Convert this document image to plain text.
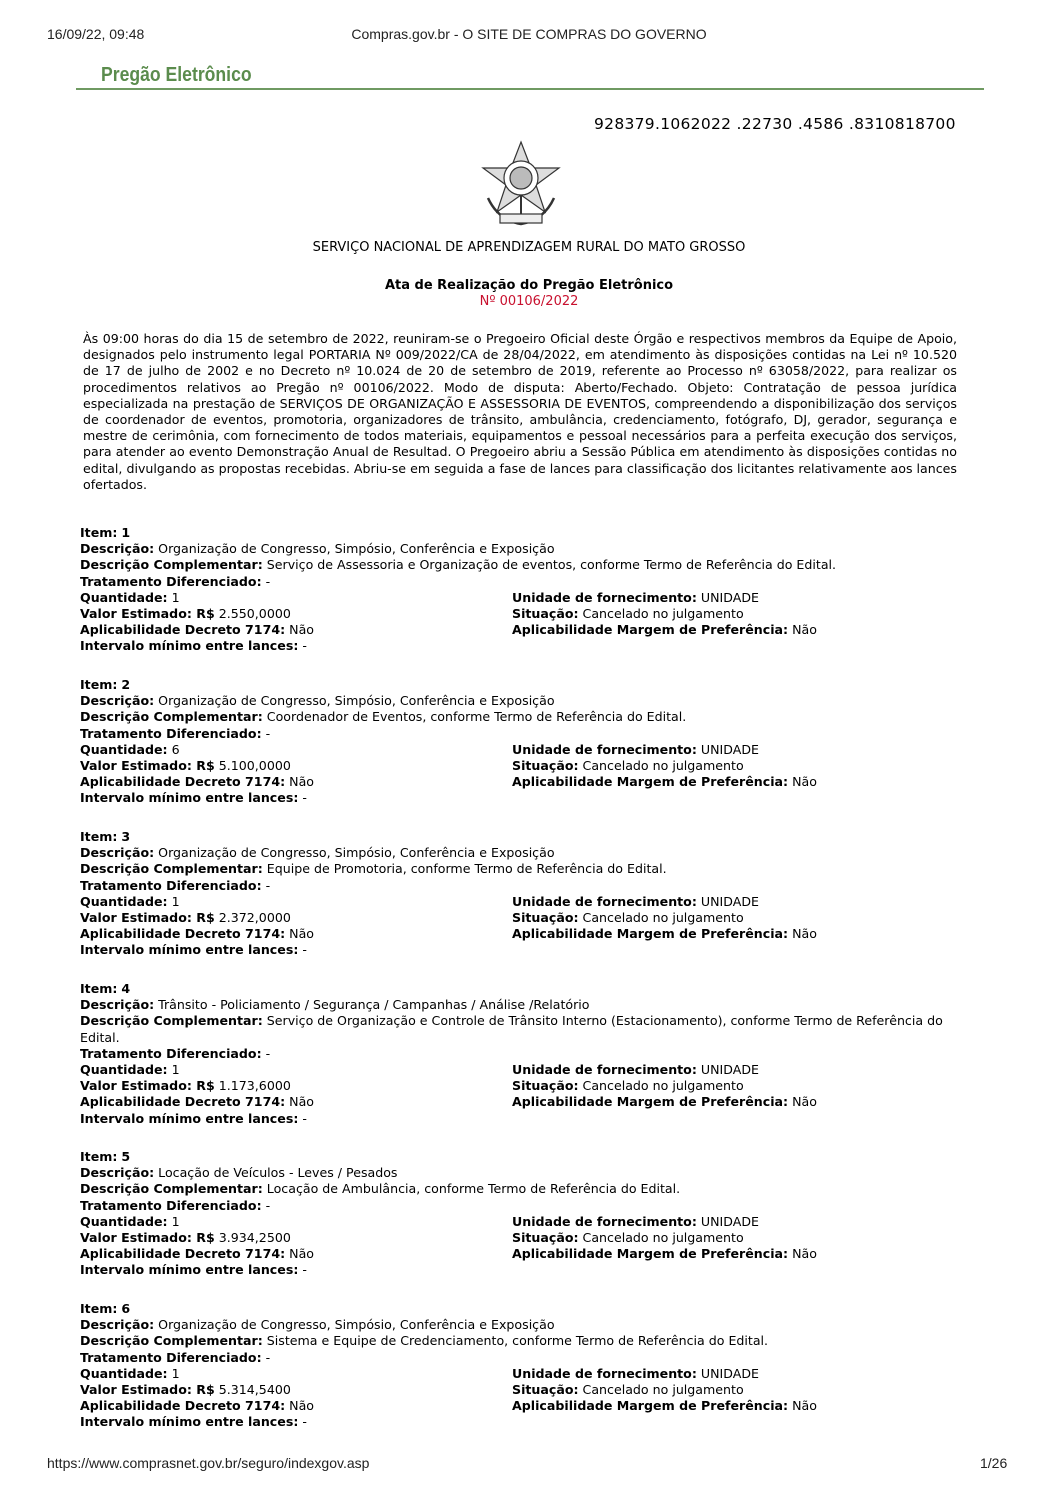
16/09/22, 09:48	Compras.gov.br - O SITE DE COMPRAS DO GOVERNO
Pregão Eletrônico
928379.1062022 .22730 .4586 .8310818700
SERVIÇO NACIONAL DE APRENDIZAGEM RURAL DO MATO GROSSO
Ata de Realização do Pregão Eletrônico
Nº 00106/2022
Às 09:00 horas do dia 15 de setembro de 2022, reuniram-se o Pregoeiro Oficial deste Órgão e respectivos membros da Equipe de Apoio, designados pelo instrumento legal PORTARIA Nº 009/2022/CA de 28/04/2022, em atendimento às disposições contidas na Lei nº 10.520 de 17 de julho de 2002 e no Decreto nº 10.024 de 20 de setembro de 2019, referente ao Processo nº 63058/2022, para realizar os procedimentos relativos ao Pregão nº 00106/2022. Modo de disputa: Aberto/Fechado. Objeto: Contratação de pessoa jurídica especializada na prestação de SERVIÇOS DE ORGANIZAÇÃO E ASSESSORIA DE EVENTOS, compreendendo a disponibilização dos serviços de coordenador de eventos, promotoria, organizadores de trânsito, ambulância, credenciamento, fotógrafo, DJ, gerador, segurança e mestre de cerimônia, com fornecimento de todos materiais, equipamentos e pessoal necessários para a perfeita execução dos serviços, para atender ao evento Demonstração Anual de Resultad. O Pregoeiro abriu a Sessão Pública em atendimento às disposições contidas no edital, divulgando as propostas recebidas. Abriu-se em seguida a fase de lances para classificação dos licitantes relativamente aos lances ofertados.
Item: 1
Descrição: Organização de Congresso, Simpósio, Conferência e Exposição
Descrição Complementar: Serviço de Assessoria e Organização de eventos, conforme Termo de Referência do Edital.
Tratamento Diferenciado: -
Quantidade: 1	Unidade de fornecimento: UNIDADE
Valor Estimado: R$ 2.550,0000	Situação: Cancelado no julgamento
Aplicabilidade Decreto 7174: Não	Aplicabilidade Margem de Preferência: Não
Intervalo mínimo entre lances: -
Item: 2
Descrição: Organização de Congresso, Simpósio, Conferência e Exposição
Descrição Complementar: Coordenador de Eventos, conforme Termo de Referência do Edital.
Tratamento Diferenciado: -
Quantidade: 6	Unidade de fornecimento: UNIDADE
Valor Estimado: R$ 5.100,0000	Situação: Cancelado no julgamento
Aplicabilidade Decreto 7174: Não	Aplicabilidade Margem de Preferência: Não
Intervalo mínimo entre lances: -
Item: 3
Descrição: Organização de Congresso, Simpósio, Conferência e Exposição
Descrição Complementar: Equipe de Promotoria, conforme Termo de Referência do Edital.
Tratamento Diferenciado: -
Quantidade: 1	Unidade de fornecimento: UNIDADE
Valor Estimado: R$ 2.372,0000	Situação: Cancelado no julgamento
Aplicabilidade Decreto 7174: Não	Aplicabilidade Margem de Preferência: Não
Intervalo mínimo entre lances: -
Item: 4
Descrição: Trânsito - Policiamento / Segurança / Campanhas / Análise /Relatório
Descrição Complementar: Serviço de Organização e Controle de Trânsito Interno (Estacionamento), conforme Termo de Referência do Edital.
Tratamento Diferenciado: -
Quantidade: 1	Unidade de fornecimento: UNIDADE
Valor Estimado: R$ 1.173,6000	Situação: Cancelado no julgamento
Aplicabilidade Decreto 7174: Não	Aplicabilidade Margem de Preferência: Não
Intervalo mínimo entre lances: -
Item: 5
Descrição: Locação de Veículos - Leves / Pesados
Descrição Complementar: Locação de Ambulância, conforme Termo de Referência do Edital.
Tratamento Diferenciado: -
Quantidade: 1	Unidade de fornecimento: UNIDADE
Valor Estimado: R$ 3.934,2500	Situação: Cancelado no julgamento
Aplicabilidade Decreto 7174: Não	Aplicabilidade Margem de Preferência: Não
Intervalo mínimo entre lances: -
Item: 6
Descrição: Organização de Congresso, Simpósio, Conferência e Exposição
Descrição Complementar: Sistema e Equipe de Credenciamento, conforme Termo de Referência do Edital.
Tratamento Diferenciado: -
Quantidade: 1	Unidade de fornecimento: UNIDADE
Valor Estimado: R$ 5.314,5400	Situação: Cancelado no julgamento
Aplicabilidade Decreto 7174: Não	Aplicabilidade Margem de Preferência: Não
Intervalo mínimo entre lances: -
https://www.comprasnet.gov.br/seguro/indexgov.asp	1/26
